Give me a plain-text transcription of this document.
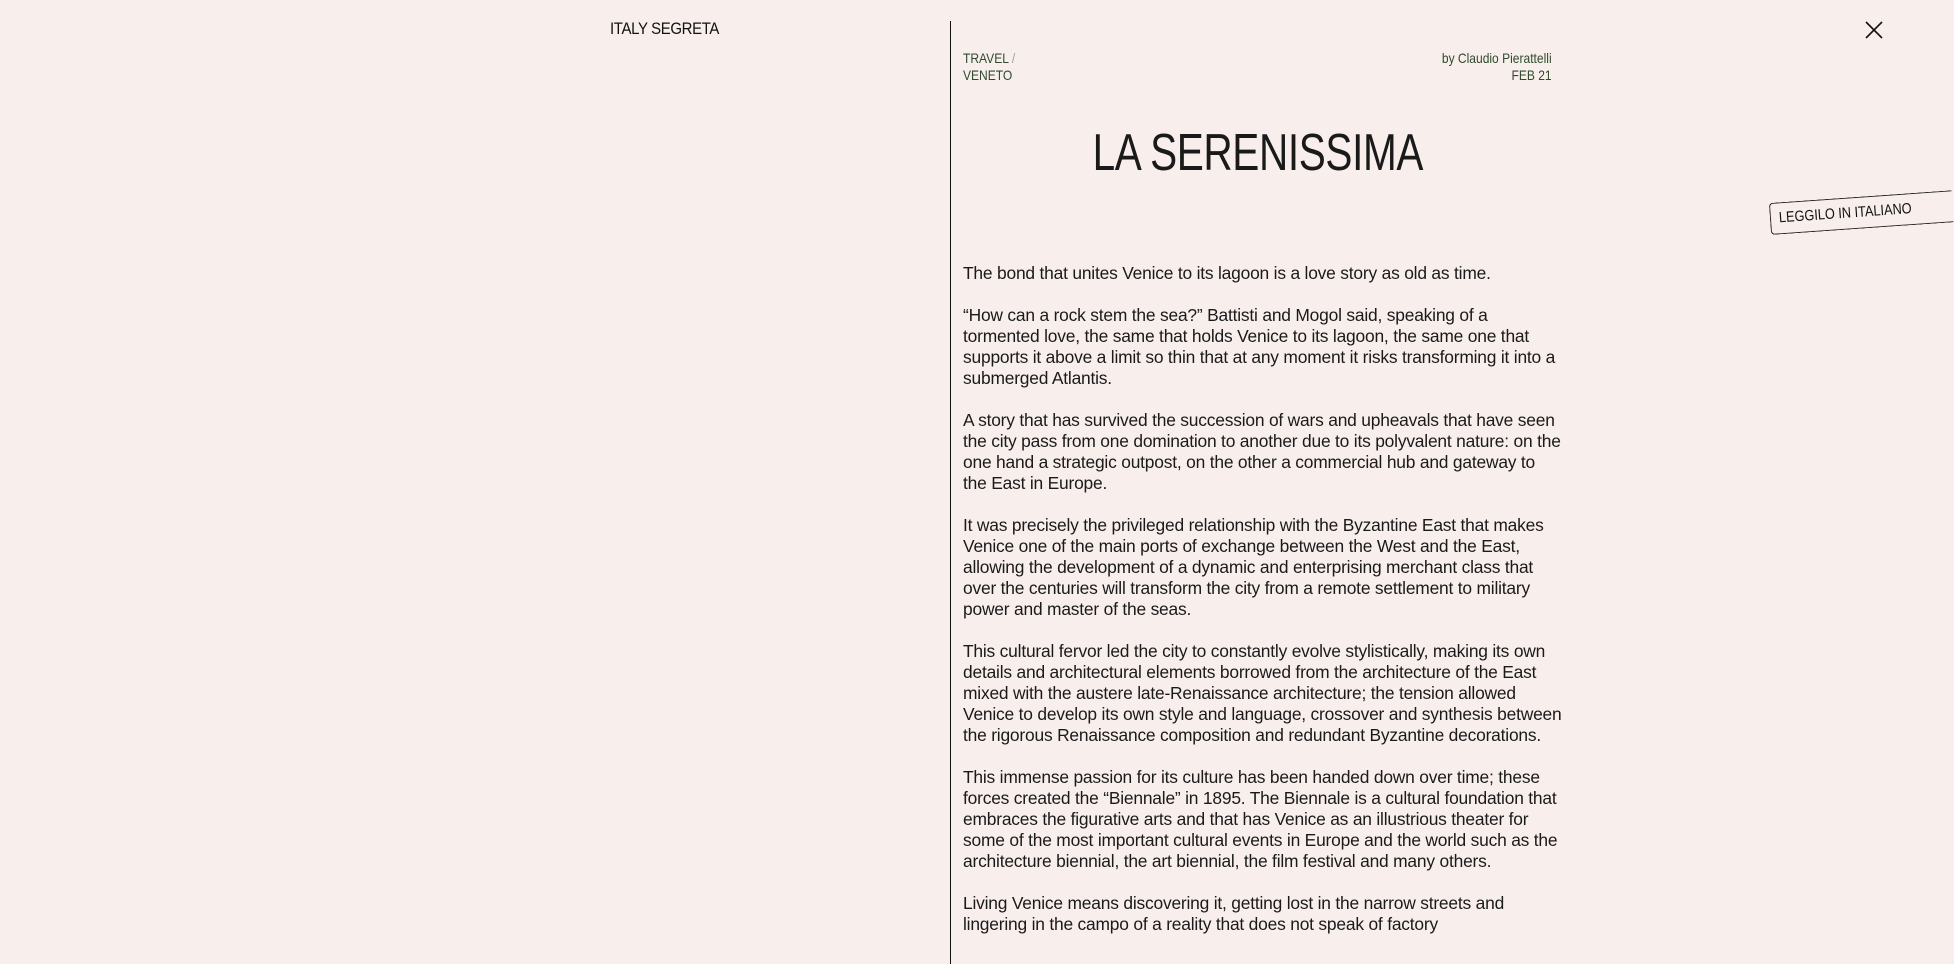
ITALY SEGRETA
TRAVEL /
VENETO
by Claudio Pierattelli
FEB 21
LA SERENISSIMA
LEGGILO IN ITALIANO

The bond that unites Venice to its lagoon is a love story as old as time.

“How can a rock stem the sea?” Battisti and Mogol said, speaking of a tormented love, the same that holds Venice to its lagoon, the same one that supports it above a limit so thin that at any moment it risks transforming it into a submerged Atlantis.

A story that has survived the succession of wars and upheavals that have seen the city pass from one domination to another due to its polyvalent nature: on the one hand a strategic outpost, on the other a commercial hub and gateway to the East in Europe.

It was precisely the privileged relationship with the Byzantine East that makes Venice one of the main ports of exchange between the West and the East, allowing the development of a dynamic and enterprising merchant class that over the centuries will transform the city from a remote settlement to military power and master of the seas.

This cultural fervor led the city to constantly evolve stylistically, making its own details and architectural elements borrowed from the architecture of the East mixed with the austere late-Renaissance architecture; the tension allowed Venice to develop its own style and language, crossover and synthesis between the rigorous Renaissance composition and redundant Byzantine decorations.

This immense passion for its culture has been handed down over time; these forces created the “Biennale” in 1895. The Biennale is a cultural foundation that embraces the figurative arts and that has Venice as an illustrious theater for some of the most important cultural events in Europe and the world such as the architecture biennial, the art biennial, the film festival and many others.

Living Venice means discovering it, getting lost in the narrow streets and lingering in the campo of a reality that does not speak of factory
